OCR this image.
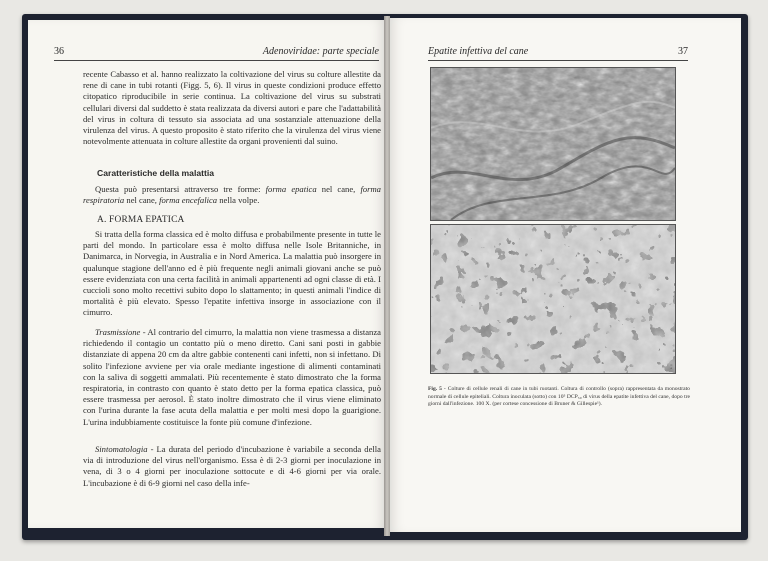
36	Adenoviridae: parte speciale	Epatite infettiva del cane	37

recente Cabasso et al. hanno realizzato la coltivazione del virus su colture allestite da rene di cane in tubi rotanti (Figg. 5, 6). Il virus in queste condizioni produce effetto citopatico riproducibile in serie continua. La coltivazione del virus su substrati cellulari diversi dal suddetto è stata realizzata da diversi autori e pare che l'adattabilità del virus in coltura di tessuto sia associata ad una sostanziale attenuazione della virulenza del virus. A questo proposito è stato riferito che la virulenza del virus viene notevolmente attenuata in colture allestite da organi provenienti dal suino.

Caratteristiche della malattia

Questa può presentarsi attraverso tre forme: forma epatica nel cane, forma respiratoria nel cane, forma encefalica nella volpe.

A. FORMA EPATICA

Si tratta della forma classica ed è molto diffusa e probabilmente presente in tutte le parti del mondo. In particolare essa è molto diffusa nelle Isole Britanniche, in Danimarca, in Norvegia, in Australia e in Nord America. La malattia può insorgere in qualunque stagione dell'anno ed è più frequente negli animali giovani anche se può essere evidenziata con una certa facilità in animali appartenenti ad ogni classe di età. I cuccioli sono molto recettivi subito dopo lo slattamento; in questi animali l'indice di mortalità è più elevato. Spesso l'epatite infettiva insorge in associazione con il cimurro.

Trasmissione - Al contrario del cimurro, la malattia non viene trasmessa a distanza richiedendo il contagio un contatto più o meno diretto. Cani sani posti in gabbie distanziate di appena 20 cm da altre gabbie contenenti cani infetti, non si infettano. Di solito l'infezione avviene per via orale mediante ingestione di alimenti contaminati con la saliva di soggetti ammalati. Più recentemente è stato dimostrato che la forma respiratoria, in contrasto con quanto è stato detto per la forma epatica classica, può essere trasmessa per aerosol. È stato inoltre dimostrato che il virus viene eliminato con l'urina durante la fase acuta della malattia e per molti mesi dopo la guarigione. L'urina indubbiamente costituisce la fonte più comune d'infezione.

Sintomatologia - La durata del periodo d'incubazione è variabile a seconda della via di introduzione del virus nell'organismo. Essa è di 2-3 giorni per inoculazione in vena, di 3 o 4 giorni per inoculazione sottocute e di 4-6 giorni per via orale. L'incubazione è di 6-9 giorni nel caso della infe-

Fig. 5 - Colture di cellule renali di cane in tubi ruotanti. Coltura di controllo (sopra) rappresentata da monostrato normale di cellule epiteliali. Coltura inoculata (sotto) con 10⁵ DCP₅₀ di virus della epatite infettiva del cane, dopo tre giorni dall'infezione. 100 X. (per cortese concessione di Bruner & Gillespie¹).
